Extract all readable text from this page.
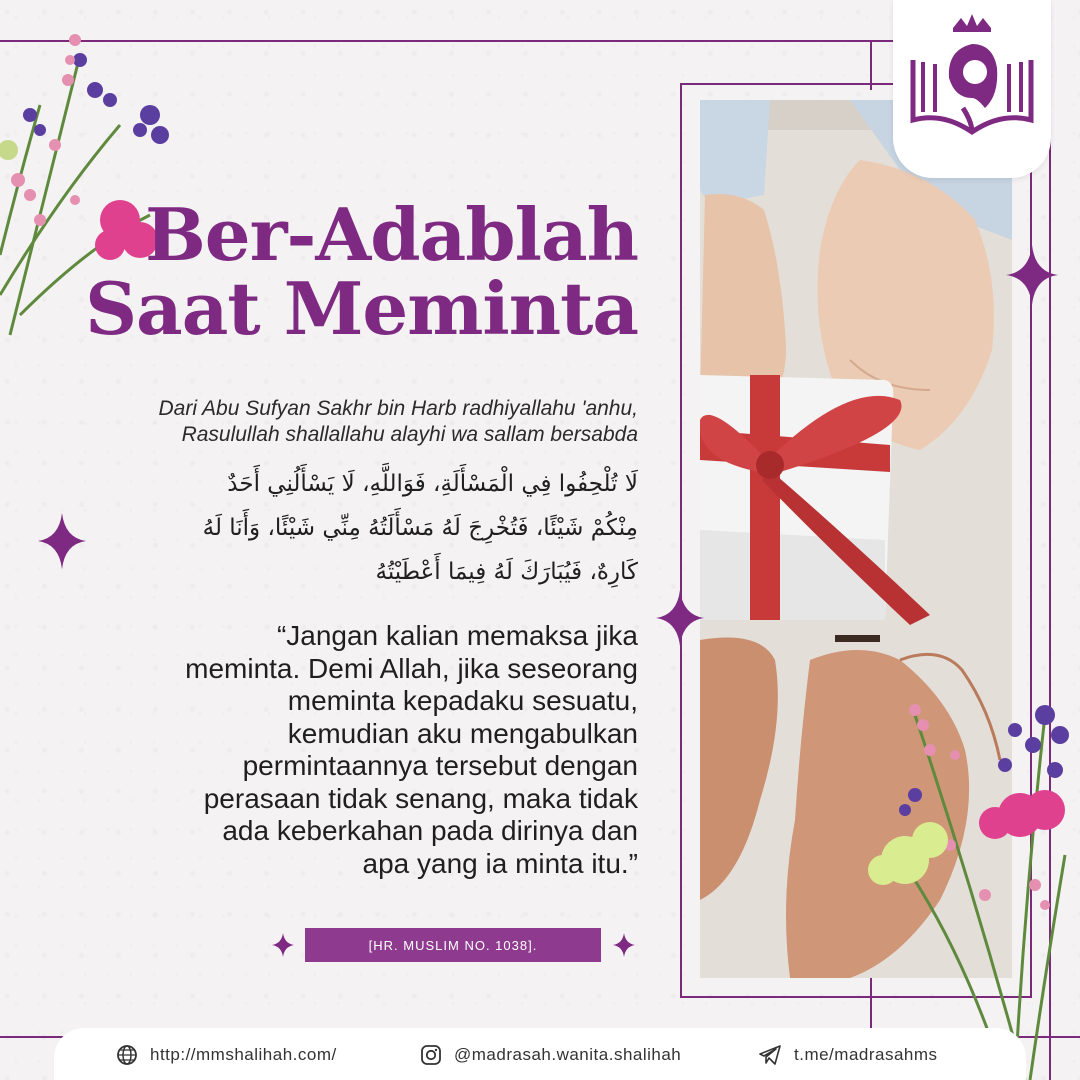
Ber-Adablah
Saat Meminta
Dari Abu Sufyan Sakhr bin Harb radhiyallahu 'anhu,
Rasulullah shallallahu alayhi wa sallam bersabda
لَا تُلْحِفُوا فِي الْمَسْأَلَةِ، فَوَاللَّهِ، لَا يَسْأَلُنِي أَحَدٌ
مِنْكُمْ شَيْئًا، فَتُخْرِجَ لَهُ مَسْأَلَتُهُ مِنِّي شَيْئًا، وَأَنَا لَهُ
كَارِهٌ، فَيُبَارَكَ لَهُ فِيمَا أَعْطَيْتُهُ
“Jangan kalian memaksa jika
meminta. Demi Allah, jika seseorang
meminta kepadaku sesuatu,
kemudian aku mengabulkan
permintaannya tersebut dengan
perasaan tidak senang, maka tidak
ada keberkahan pada dirinya dan
apa yang ia minta itu.”
[HR. MUSLIM NO. 1038].
http://mmshalihah.com/	@madrasah.wanita.shalihah	t.me/madrasahms
